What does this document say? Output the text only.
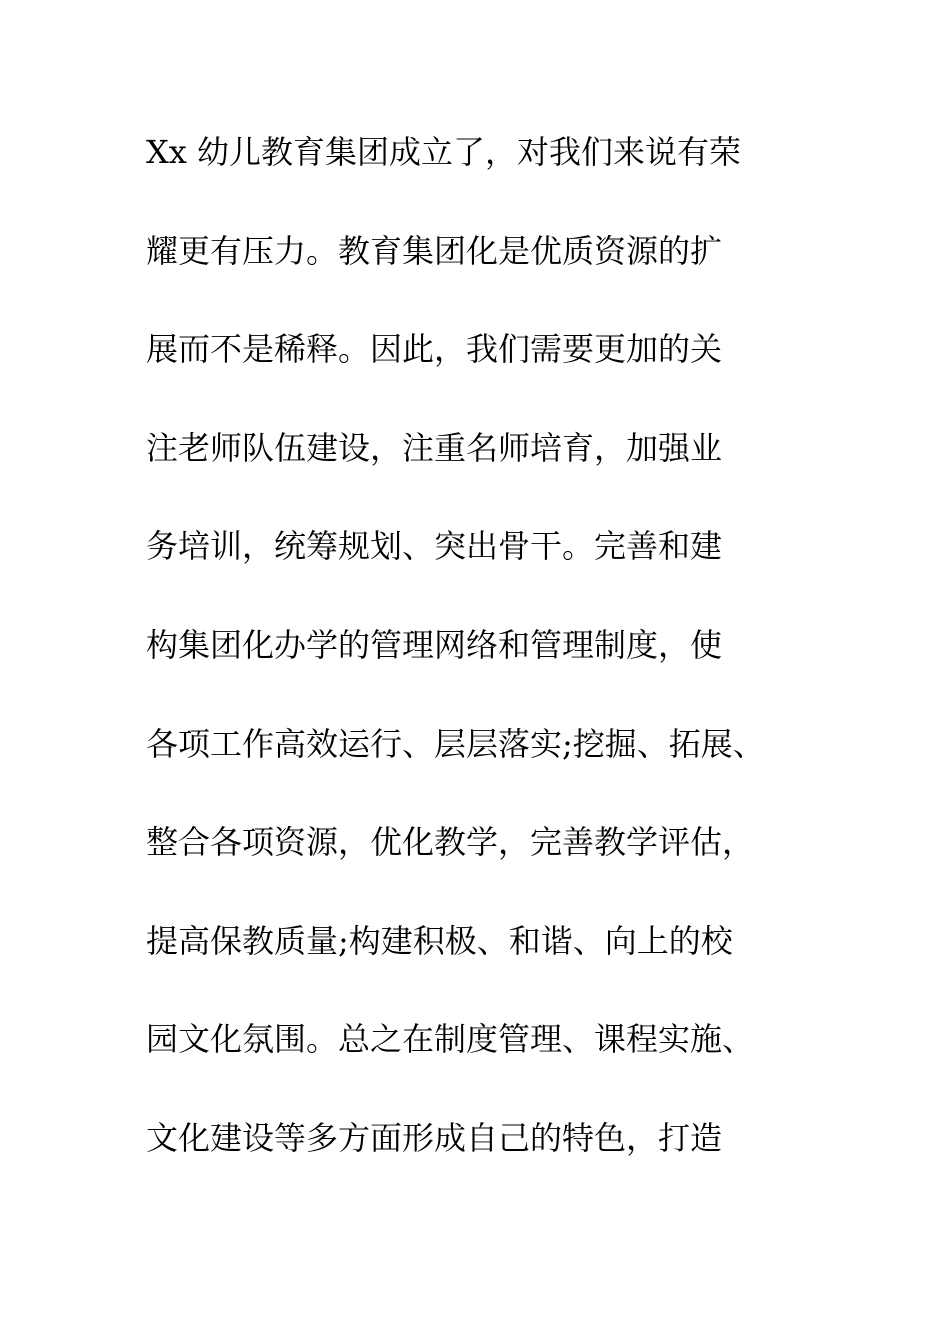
Xx 幼儿教育集团成立了，对我们来说有荣
耀更有压力。教育集团化是优质资源的扩
展而不是稀释。因此，我们需要更加的关
注老师队伍建设，注重名师培育，加强业
务培训，统筹规划、突出骨干。完善和建
构集团化办学的管理网络和管理制度，使
各项工作高效运行、层层落实;挖掘、拓展、
整合各项资源，优化教学，完善教学评估，
提高保教质量;构建积极、和谐、向上的校
园文化氛围。总之在制度管理、课程实施、
文化建设等多方面形成自己的特色，打造
